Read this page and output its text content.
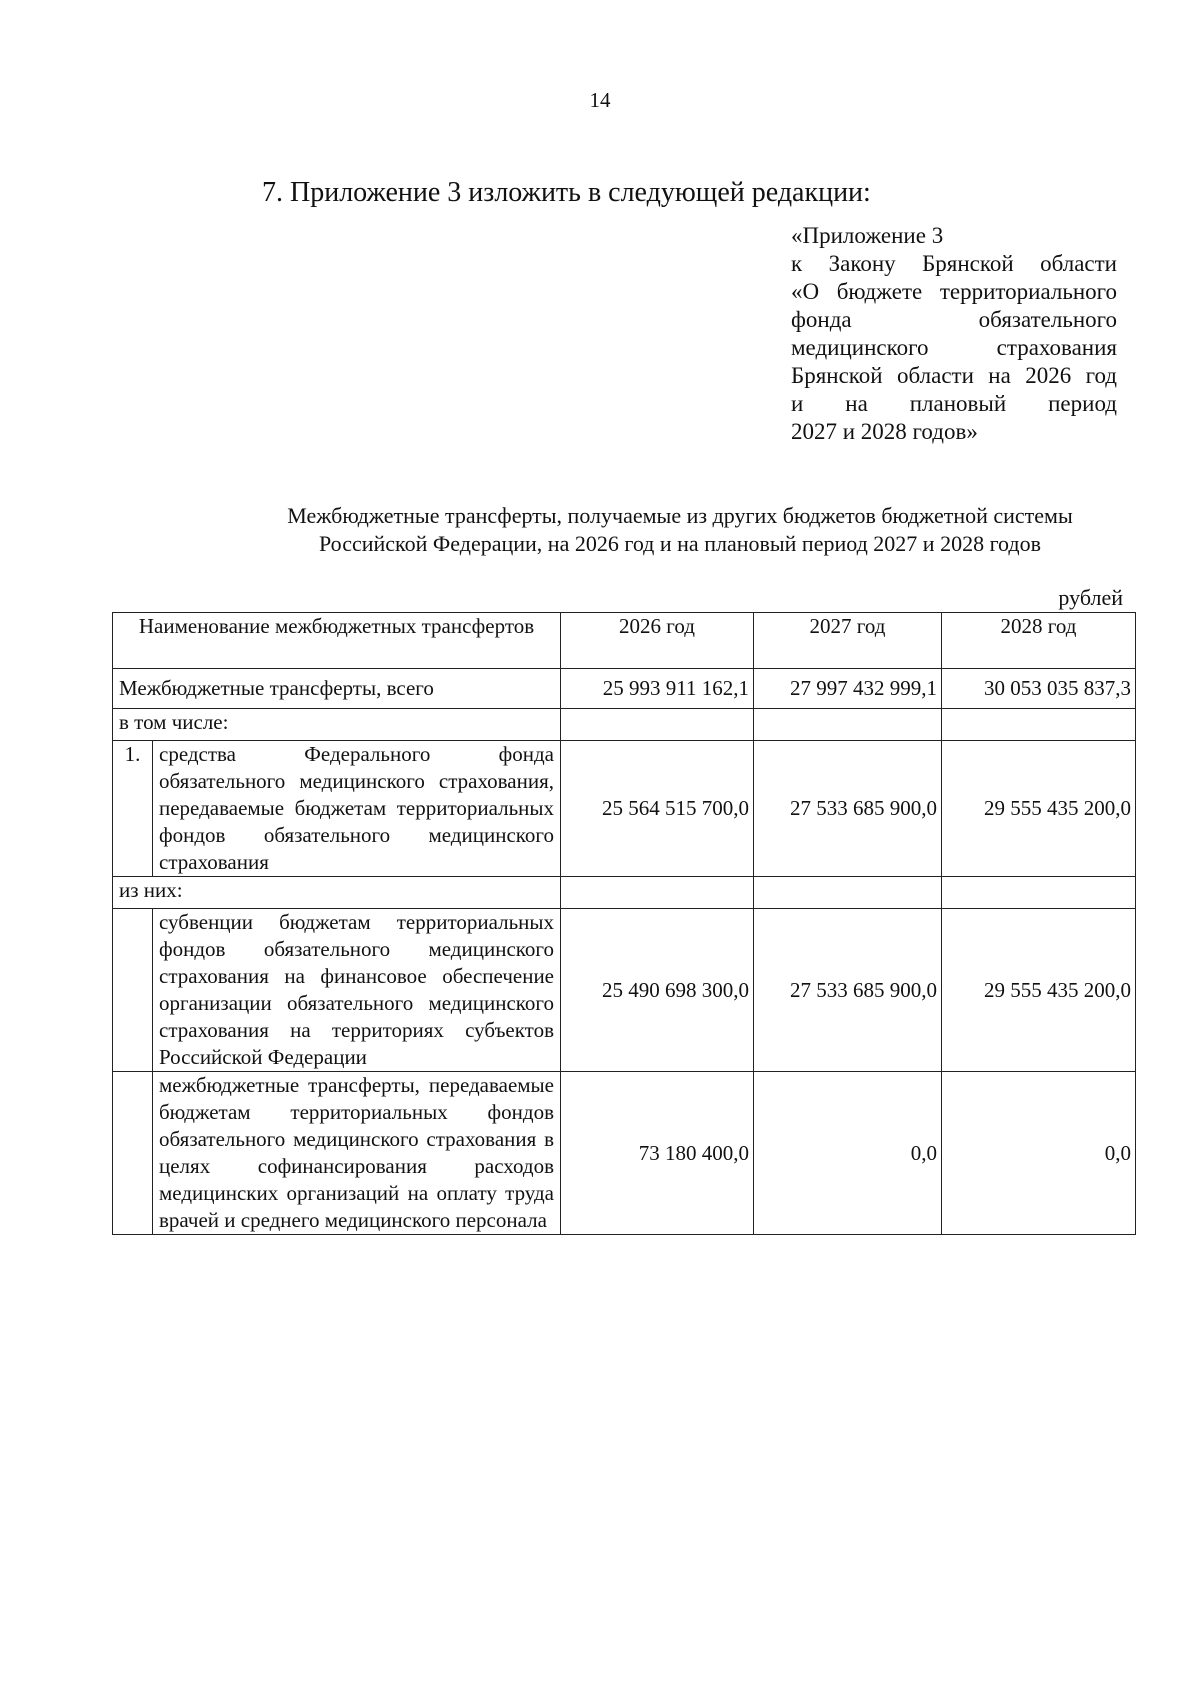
14
7. Приложение 3 изложить в следующей редакции:
«Приложение 3
к Закону Брянской области
«О бюджете территориального
фонда обязательного
медицинского страхования
Брянской области на 2026 год
и на плановый период
2027 и 2028 годов»
Межбюджетные трансферты, получаемые из других бюджетов бюджетной системы
Российской Федерации, на 2026 год и на плановый период 2027 и 2028 годов
рублей
Наименование межбюджетных трансфертов		2026 год	2027 год	2028 год
Межбюджетные трансферты, всего		25 993 911 162,1	27 997 432 999,1	30 053 035 837,3
в том числе:				
1.	средства Федерального фонда обязательного медицинского страхования, передаваемые бюджетам территориальных фондов обязательного медицинского страхования	25 564 515 700,0	27 533 685 900,0	29 555 435 200,0
из них:				
	субвенции бюджетам территориальных фондов обязательного медицинского страхования на финансовое обеспечение организации обязательного медицинского страхования на территориях субъектов Российской Федерации	25 490 698 300,0	27 533 685 900,0	29 555 435 200,0
	межбюджетные трансферты, передаваемые бюджетам территориальных фондов обязательного медицинского страхования в целях софинансирования расходов медицинских организаций на оплату труда врачей и среднего медицинского персонала	73 180 400,0	0,0	0,0
